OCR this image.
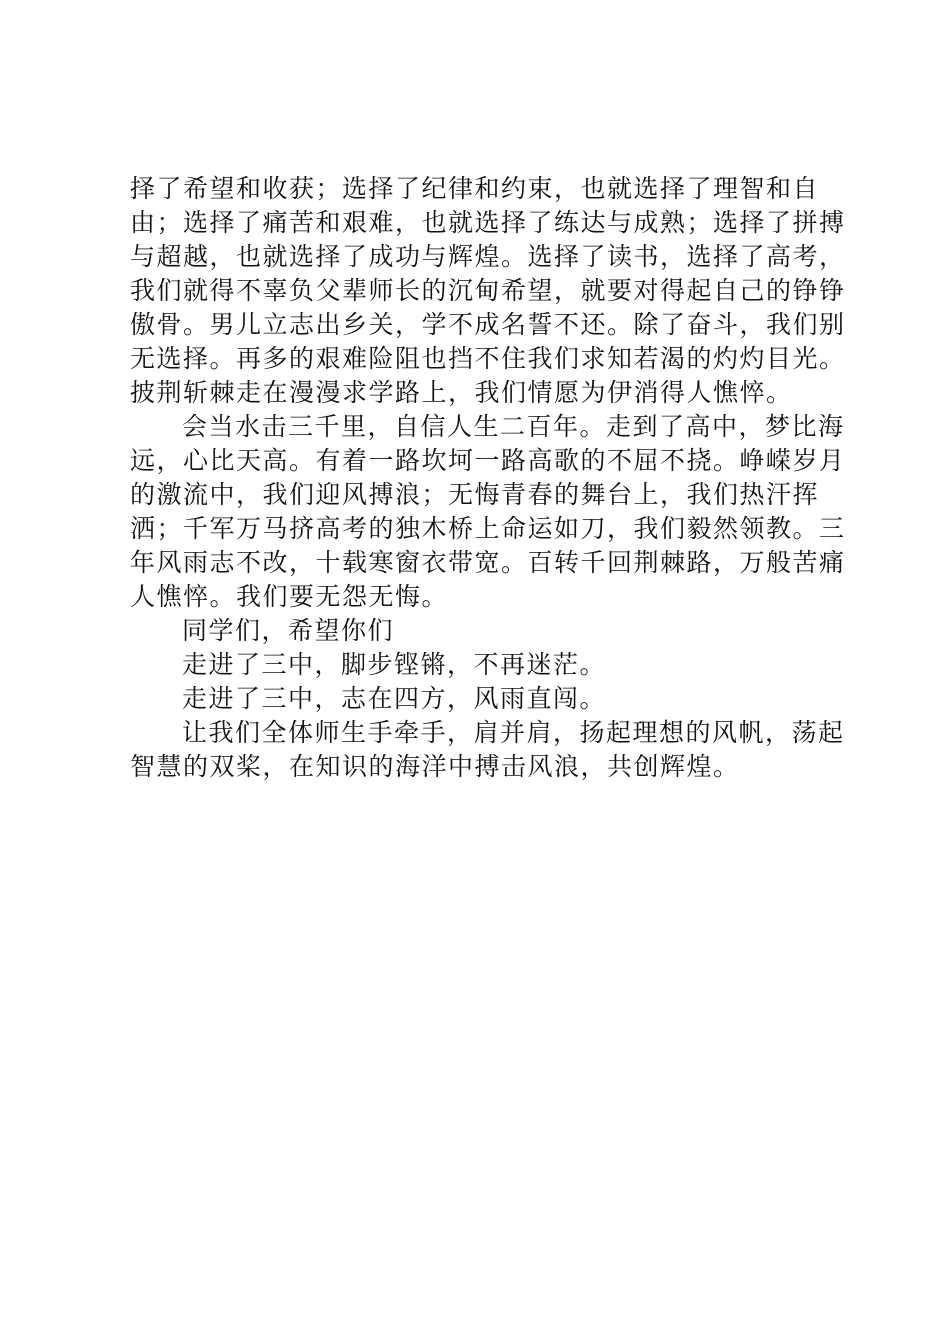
择了希望和收获；选择了纪律和约束，也就选择了理智和自由；选择了痛苦和艰难，也就选择了练达与成熟；选择了拼搏与超越，也就选择了成功与辉煌。选择了读书，选择了高考，我们就得不辜负父辈师长的沉甸希望，就要对得起自己的铮铮傲骨。男儿立志出乡关，学不成名誓不还。除了奋斗，我们别无选择。再多的艰难险阻也挡不住我们求知若渴的灼灼目光。披荆斩棘走在漫漫求学路上，我们情愿为伊消得人憔悴。

会当水击三千里，自信人生二百年。走到了高中，梦比海远，心比天高。有着一路坎坷一路高歌的不屈不挠。峥嵘岁月的激流中，我们迎风搏浪；无悔青春的舞台上，我们热汗挥洒；千军万马挤高考的独木桥上命运如刀，我们毅然领教。三年风雨志不改，十载寒窗衣带宽。百转千回荆棘路，万般苦痛人憔悴。我们要无怨无悔。

同学们，希望你们

走进了三中，脚步铿锵，不再迷茫。

走进了三中，志在四方，风雨直闯。

让我们全体师生手牵手，肩并肩，扬起理想的风帆，荡起智慧的双桨，在知识的海洋中搏击风浪，共创辉煌。
